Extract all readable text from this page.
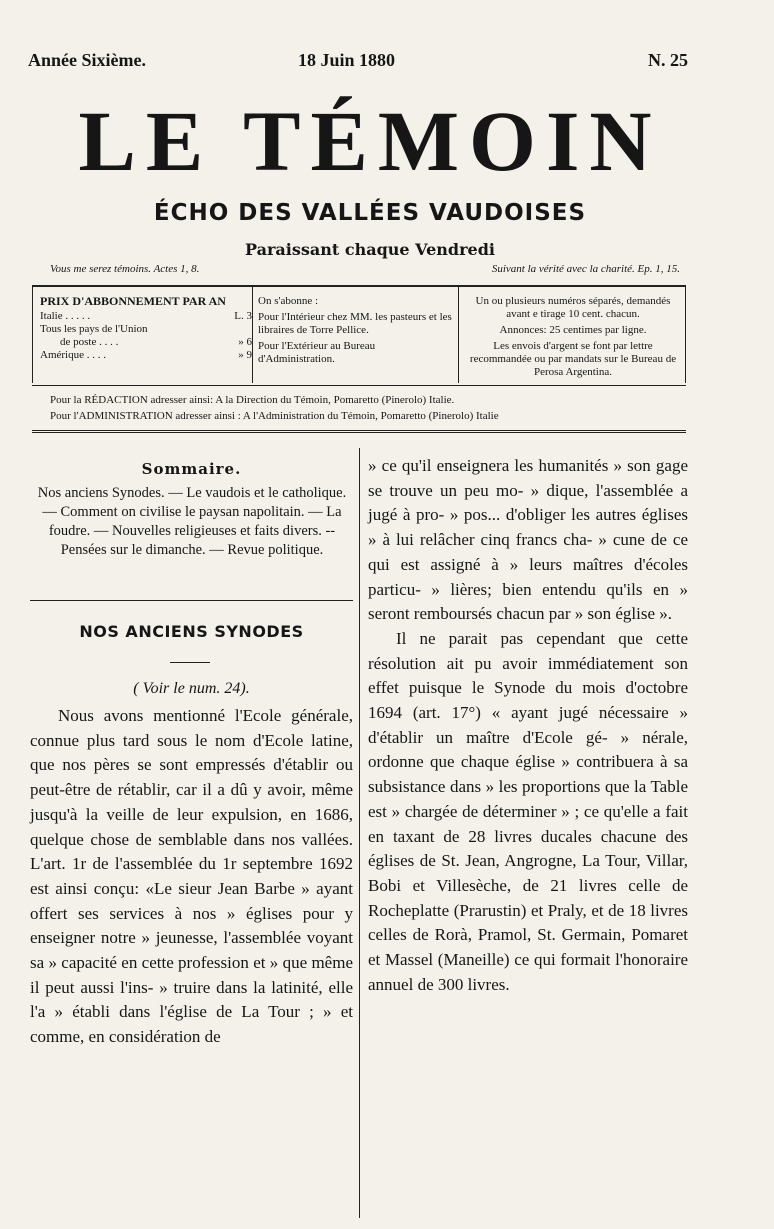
Année Sixième.	18 Juin 1880	N. 25
LE TÉMOIN
ÉCHO DES VALLÉES VAUDOISES
Paraissant chaque Vendredi
Vous me serez témoins. Actes 1, 8.	Suivant la vérité avec la charité. Ep. 1, 15.
PRIX D'ABBONNEMENT PAR AN
Italie . . . . .	L. 3
Tous les pays de l'Union
de poste . . . .	» 6
Amérique . . . .	» 9

On s'abonne :

Pour l'Intérieur chez MM. les pasteurs et les libraires de Torre Pellice.

Pour l'Extérieur au Bureau d'Administration.

Un ou plusieurs numéros séparés, demandés avant e tirage 10 cent. chacun.

Annonces: 25 centimes par ligne.

Les envois d'argent se font par lettre recommandée ou par mandats sur le Bureau de Perosa Argentina.

Pour la RÉDACTION adresser ainsi: A la Direction du Témoin, Pomaretto (Pinerolo) Italie.
Pour l'ADMINISTRATION adresser ainsi : A l'Administration du Témoin, Pomaretto (Pinerolo) Italie
Sommaire.
Nos anciens Synodes. — Le vaudois et le catholique. — Comment on civilise le paysan napolitain. — La foudre. — Nouvelles religieuses et faits divers. -- Pensées sur le dimanche. — Revue politique.
NOS ANCIENS SYNODES
( Voir le num. 24).

Nous avons mentionné l'Ecole générale, connue plus tard sous le nom d'Ecole latine, que nos pères se sont empressés d'établir ou peut-être de rétablir, car il a dû y avoir, même jusqu'à la veille de leur expulsion, en 1686, quelque chose de semblable dans nos vallées. L'art. 1r de l'assemblée du 1r septembre 1692 est ainsi conçu: «Le sieur Jean Barbe » ayant offert ses services à nos » églises pour y enseigner notre » jeunesse, l'assemblée voyant sa » capacité en cette profession et » que même il peut aussi l'ins- » truire dans la latinité, elle l'a » établi dans l'église de La Tour ; » et comme, en considération de

» ce qu'il enseignera les humanités » son gage se trouve un peu mo- » dique, l'assemblée a jugé à pro- » pos... d'obliger les autres églises » à lui relâcher cinq francs cha- » cune de ce qui est assigné à » leurs maîtres d'écoles particu- » lières; bien entendu qu'ils en » seront remboursés chacun par » son église ».

Il ne parait pas cependant que cette résolution ait pu avoir immédiatement son effet puisque le Synode du mois d'octobre 1694 (art. 17°) « ayant jugé nécessaire » d'établir un maître d'Ecole gé- » nérale, ordonne que chaque église » contribuera à sa subsistance dans » les proportions que la Table est » chargée de déterminer » ; ce qu'elle a fait en taxant de 28 livres ducales chacune des églises de St. Jean, Angrogne, La Tour, Villar, Bobi et Villesèche, de 21 livres celle de Rocheplatte (Prarustin) et Praly, et de 18 livres celles de Rorà, Pramol, St. Germain, Pomaret et Massel (Maneille) ce qui formait l'honoraire annuel de 300 livres.
